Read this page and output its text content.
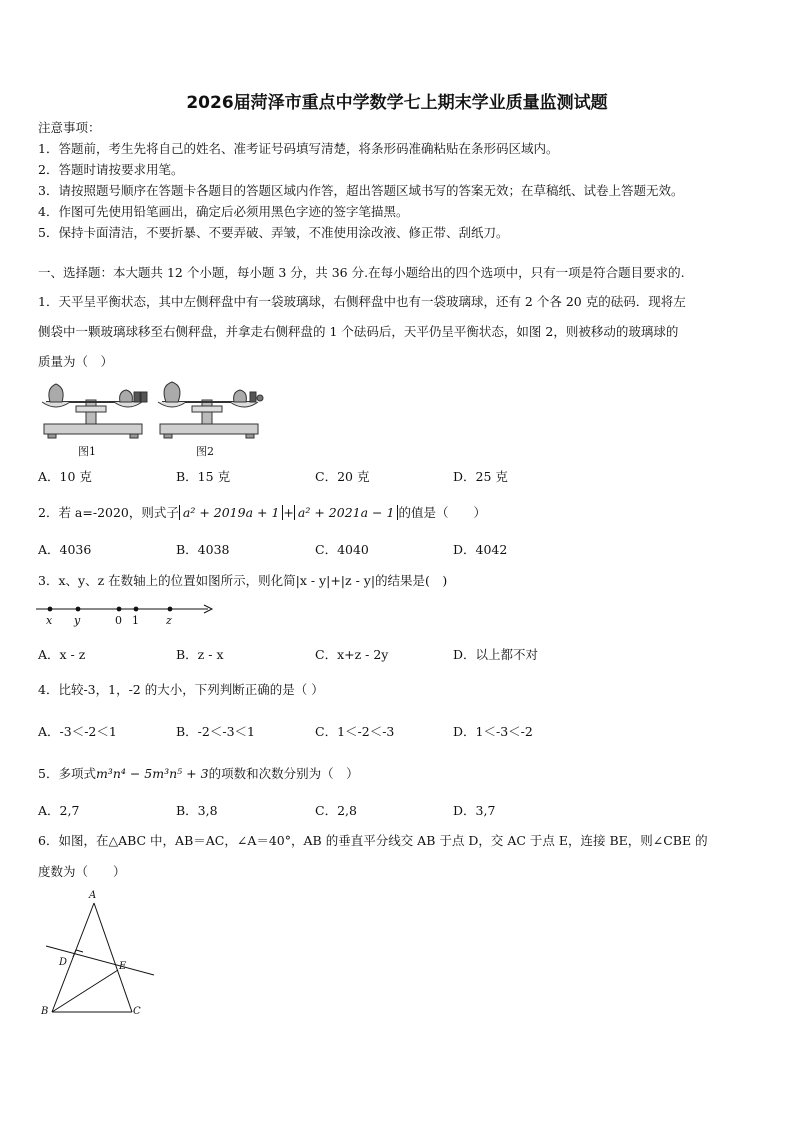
2026届菏泽市重点中学数学七上期末学业质量监测试题
注意事项：
1．答题前，考生先将自己的姓名、准考证号码填写清楚，将条形码准确粘贴在条形码区域内。
2．答题时请按要求用笔。
3．请按照题号顺序在答题卡各题目的答题区域内作答，超出答题区域书写的答案无效；在草稿纸、试卷上答题无效。
4．作图可先使用铅笔画出，确定后必须用黑色字迹的签字笔描黑。
5．保持卡面清洁，不要折暴、不要弄破、弄皱，不准使用涂改液、修正带、刮纸刀。
一、选择题：本大题共 12 个小题，每小题 3 分，共 36 分.在每小题给出的四个选项中，只有一项是符合题目要求的.
1．天平呈平衡状态，其中左侧秤盘中有一袋玻璃球，右侧秤盘中也有一袋玻璃球，还有 2 个各 20 克的砝码．现将左
侧袋中一颗玻璃球移至右侧秤盘，并拿走右侧秤盘的 1 个砝码后，天平仍呈平衡状态，如图 2，则被移动的玻璃球的
质量为（　）
图1	图2
A．10 克	B．15 克	C．20 克	D．25 克
2．若 a=-2020，则式子 a² + 2019a + 1 + a² + 2021a − 1 的值是（　　）
A．4036	B．4038	C．4040	D．4042
3．x、y、z 在数轴上的位置如图所示，则化简|x - y|+|z - y|的结果是(　)
x y	0 1 z
A．x - z	B．z - x	C．x+z - 2y	D．以上都不对
4．比较-3，1，-2 的大小，下列判断正确的是（ ）
A．-3＜-2＜1	B．-2＜-3＜1	C．1＜-2＜-3	D．1＜-3＜-2
5．多项式m³n⁴ − 5m³n⁵ + 3的项数和次数分别为（　）
A．2,7	B．3,8	C．2,8	D．3,7
6．如图，在△ABC 中，AB＝AC，∠A＝40°，AB 的垂直平分线交 AB 于点 D，交 AC 于点 E，连接 BE，则∠CBE 的
度数为（　　）
A
B	C
D	E
